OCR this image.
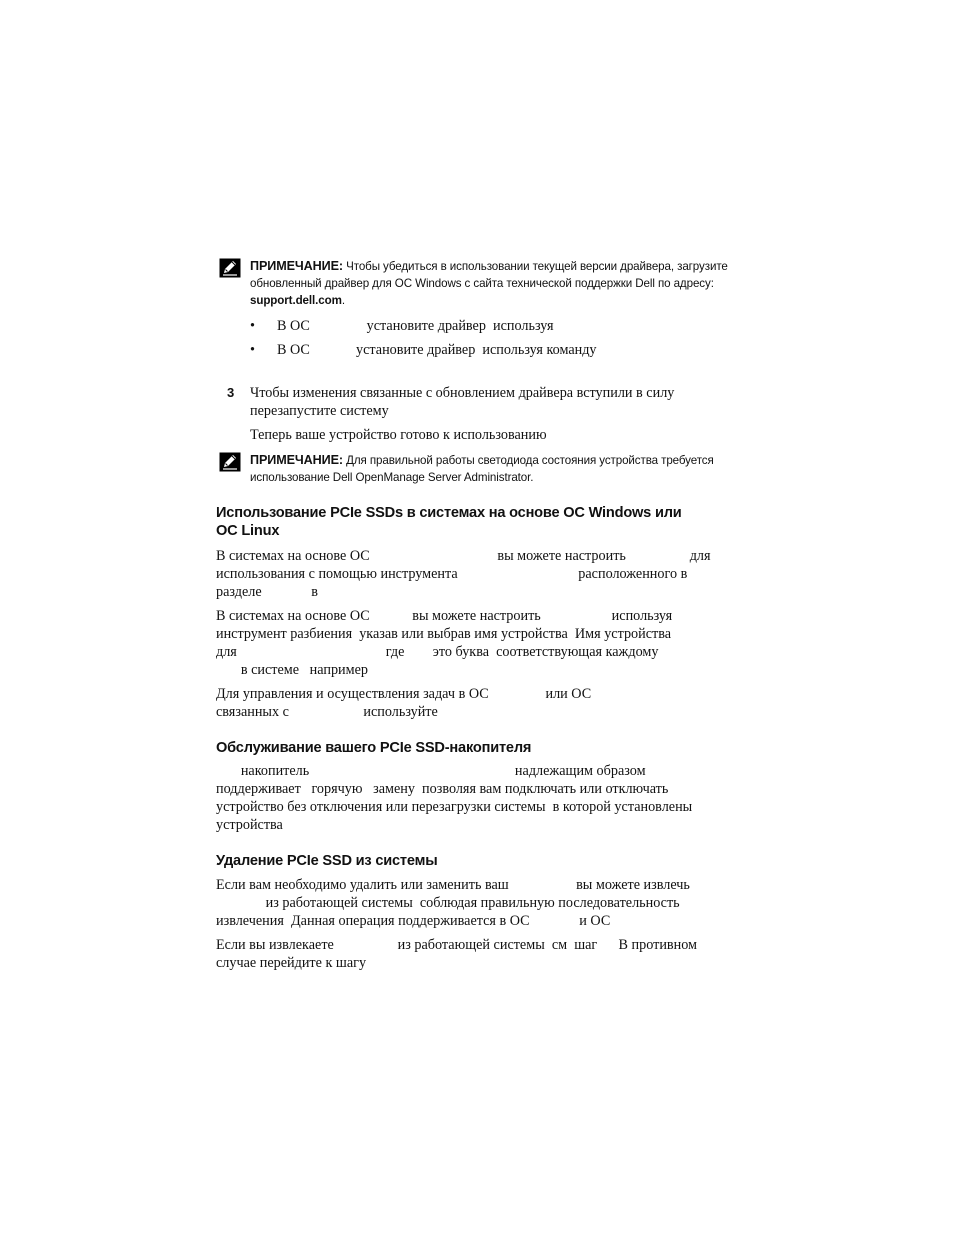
ПРИМЕЧАНИЕ: Чтобы убедиться в использовании текущей версии драйвера, загрузите обновленный драйвер для ОС Windows с сайта технической поддержки Dell по адресу: support.dell.com.
• В ОС                установите драйвер  используя
• В ОС             установите драйвер  используя команду
3 Чтобы изменения связанные с обновлением драйвера вступили в силу
перезапустите систему
Теперь ваше устройство готово к использованию
ПРИМЕЧАНИЕ: Для правильной работы светодиода состояния устройства требуется использование Dell OpenManage Server Administrator.
Использование PCIe SSDs в системах на основе ОС Windows или
ОС Linux
В системах на основе ОС                                    вы можете настроить                  для
использования с помощью инструмента                                  расположенного в
разделе              в
В системах на основе ОС            вы можете настроить                    используя
инструмент разбиения  указав или выбрав имя устройства  Имя устройства
для                                          где        это буква  соответствующая каждому
в системе   например
Для управления и осуществления задач в ОС                или ОС
связанных с                     используйте
Обслуживание вашего PCIe SSD-накопителя
накопитель                                                          надлежащим образом
поддерживает   горячую   замену  позволяя вам подключать или отключать
устройство без отключения или перезагрузки системы  в которой установлены
устройства
Удаление PCIe SSD из системы
Если вам необходимо удалить или заменить ваш                   вы можете извлечь
из работающей системы  соблюдая правильную последовательность
извлечения  Данная операция поддерживается в ОС              и ОС
Если вы извлекаете                  из работающей системы  см  шаг      В противном
случае перейдите к шагу
